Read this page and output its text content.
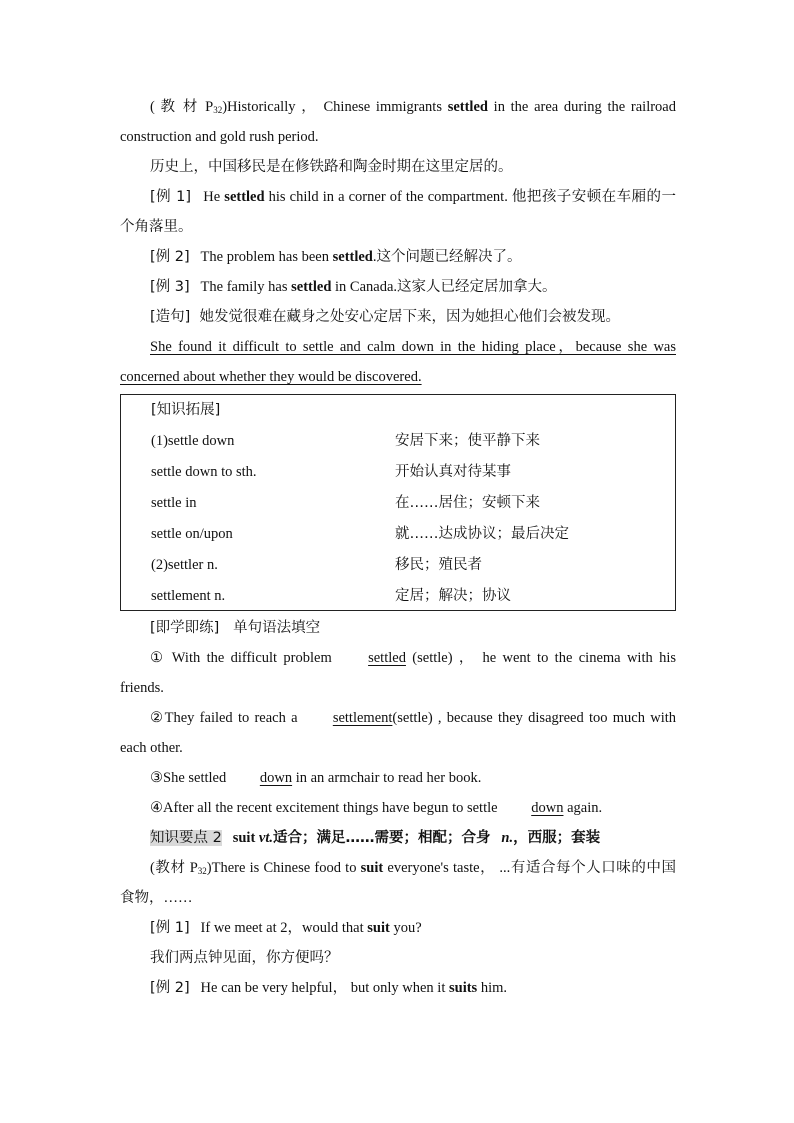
( 教 材 $P_{32})Historically$ ， Chinese immigrants settled in the area during the railroad construction and gold rush period.

历史上，中国移民是在修铁路和陶金时期在这里定居的。

[例 1] He settled his child in a corner of the compartment. 他把孩子安顿在车厢的一个角落里。

[例 2] The problem has been settled.这个问题已经解决了。

[例 3] The family has settled in Canada.这家人已经定居加拿大。

[造句] 她发觉很难在藏身之处安心定居下来，因为她担心他们会被发现。

She found it difficult to settle and calm down in the hiding place，because she was concerned about whether they would be discovered.

[知识拓展]
(1)settle down	安居下来；使平静下来
settle down to sth.	开始认真对待某事
settle in	在……居住；安顿下来
settle on/upon	就……达成协议；最后决定
(2)settler n.	移民；殖民者
settlement n.	定居；解决；协议

[即学即练] 单句语法填空

① With the difficult problem settled (settle) ， he went to the cinema with his friends.

②They failed to reach a settlement(settle) , because they disagreed too much with each other.

③She settled down in an armchair to read her book.

④After all the recent excitement things have begun to settle down again.

知识要点 2 suit vt.适合；满足……需要；相配；合身 n.，西服；套装

(教材 $P_{32})There$ is Chinese food to suit everyone's taste， ...有适合每个人口味的中国食物，……

[例 1] If we meet at 2，would that suit you?

我们两点钟见面，你方便吗？

[例 2] He can be very helpful， but only when it suits him.
